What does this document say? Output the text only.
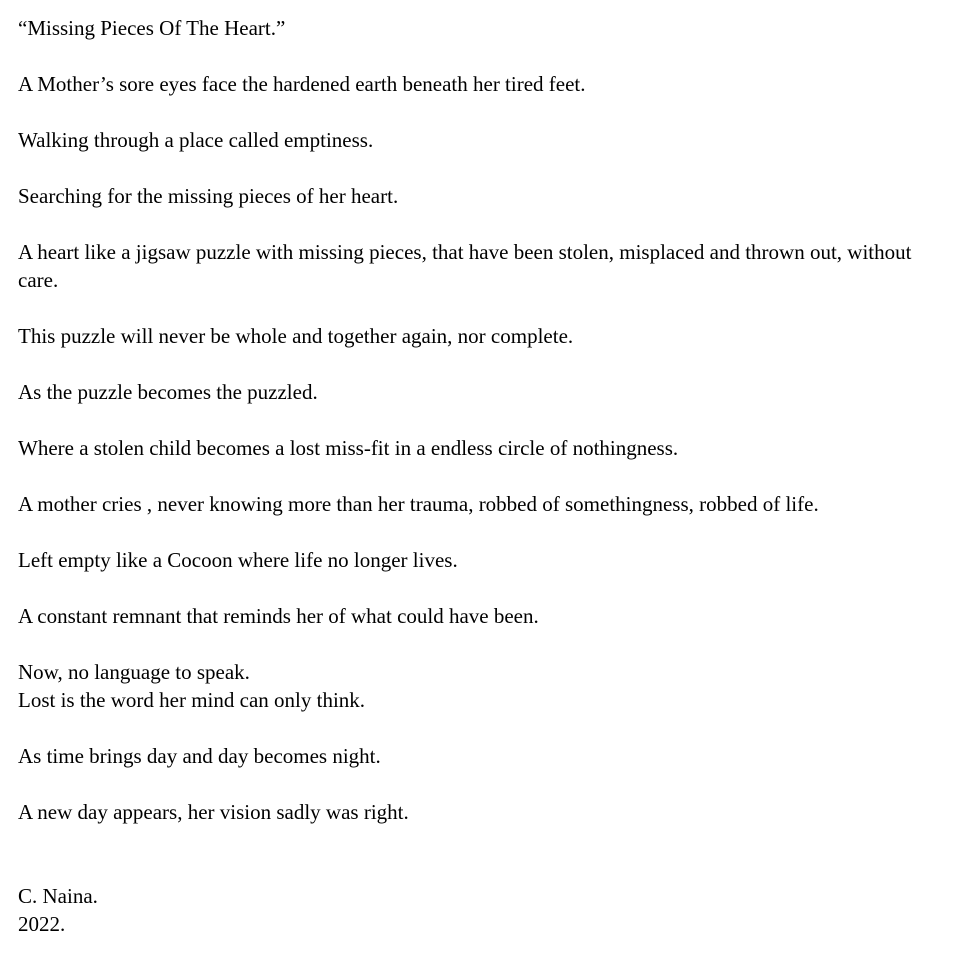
“Missing Pieces Of The Heart.”

A Mother’s sore eyes face the hardened earth beneath her tired feet.

Walking through a place called emptiness.

Searching for the missing pieces of her heart.

A heart like a jigsaw puzzle with missing pieces, that have been stolen, misplaced and thrown out, without care.

This puzzle will never be whole and together again, nor complete.

As the puzzle becomes the puzzled.

Where a stolen child becomes a lost miss-fit in a endless circle of nothingness.

A mother cries , never knowing more than her trauma, robbed of somethingness, robbed of life.

Left empty like a Cocoon where life no longer lives.

A constant remnant that reminds her of what could have been.

Now, no language to speak.

Lost is the word her mind can only think.

As time brings day and day becomes night.

A new day appears, her vision sadly was right.

C. Naina.

2022.
